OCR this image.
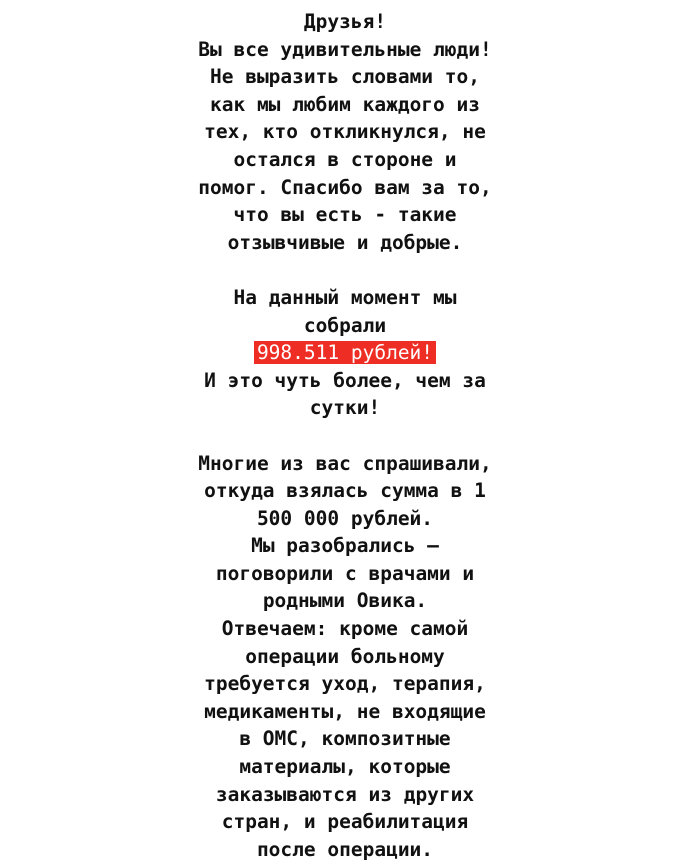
Друзья!
Вы все удивительные люди!
Не выразить словами то,
как мы любим каждого из
тех, кто откликнулся, не
остался в стороне и
помог. Спасибо вам за то,
что вы есть - такие
отзывчивые и добрые.
На данный момент мы
собрали
998.511 рублей!
И это чуть более, чем за
сутки!
Многие из вас спрашивали,
откуда взялась сумма в 1
500 000 рублей.
Мы разобрались –
поговорили с врачами и
родными Овика.
Отвечаем: кроме самой
операции больному
требуется уход, терапия,
медикаменты, не входящие
в ОМС, композитные
материалы, которые
заказываются из других
стран, и реабилитация
после операции.
